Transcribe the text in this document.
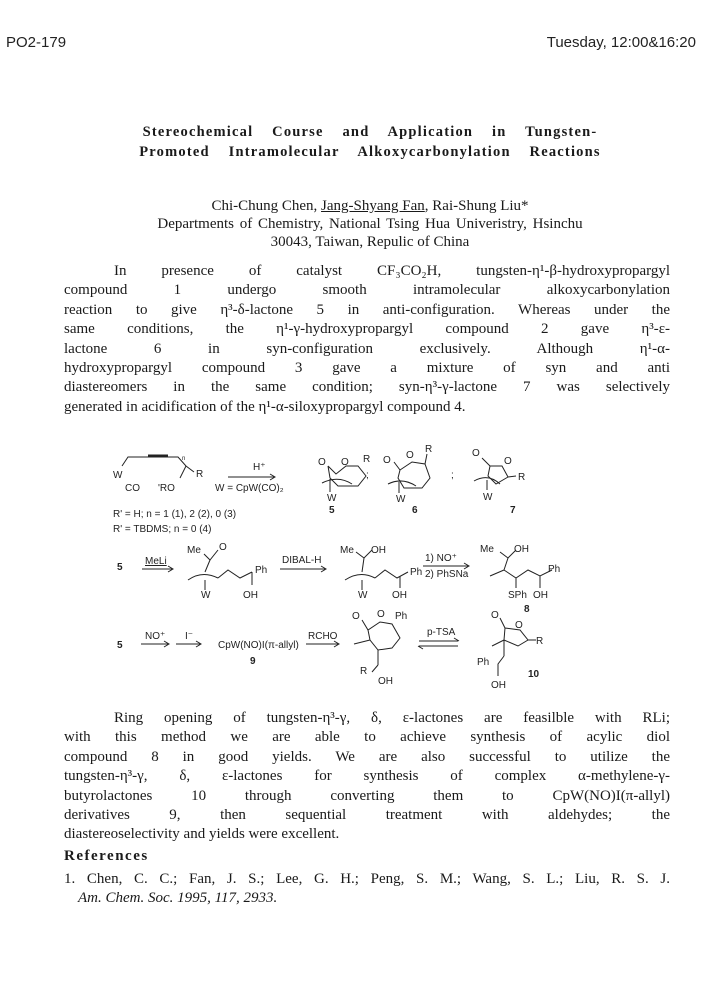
PO2-179	Tuesday, 12:00&16:20
Stereochemical Course and Application in Tungsten-
Promoted Intramolecular Alkoxycarbonylation Reactions
Chi-Chung Chen, Jang-Shyang Fan, Rai-Shung Liu*
Departments of Chemistry, National Tsing Hua Univeristry, Hsinchu
30043, Taiwan, Repulic of China
In presence of catalyst CF₃CO₂H, tungsten-η¹-β-hydroxypropargyl
compound 1 undergo smooth intramolecular alkoxycarbonylation
reaction to give η³-δ-lactone 5 in anti-configuration. Whereas under the
same conditions, the η¹-γ-hydroxypropargyl compound 2 gave η³-ε-
lactone 6 in syn-configuration exclusively. Although η¹-α-
hydroxypropargyl compound 3 gave a mixture of syn and anti
diastereomers in the same condition; syn-η³-γ-lactone 7 was selectively
generated in acidification of the η¹-α-siloxypropargyl compound 4.
W
CO 'RO
n
R
H⁺
W = CpW(CO)₂
O O R
W
5
;
O O
R
W
6
;
O
O
R
W
7
R' = H; n = 1 (1), 2 (2), 0 (3)
R' = TBDMS; n = 0 (4)
5
MeLi
Me O
Ph
W	OH
DIBAL-H
Me OH
Ph
W OH
1) NO⁺
2) PhSNa
Me OH
Ph
SPh OH
8
5
NO⁺ I⁻
CpW(NO)I(π-allyl)
9
RCHO
O O Ph
R
OH
p-TSA
O
O
R
Ph
OH
10
Ring opening of tungsten-η³-γ, δ, ε-lactones are feasilble with RLi;
with this method we are able to achieve synthesis of acylic diol
compound 8 in good yields. We are also successful to utilize the
tungsten-η³-γ, δ, ε-lactones for synthesis of complex α-methylene-γ-
butyrolactones 10 through converting them to CpW(NO)I(π-allyl)
derivatives 9, then sequential treatment with aldehydes; the
diastereoselectivity and yields were excellent.
References
1. Chen, C. C.; Fan, J. S.; Lee, G. H.; Peng, S. M.; Wang, S. L.; Liu, R. S. J.
Am. Chem. Soc. 1995, 117, 2933.
